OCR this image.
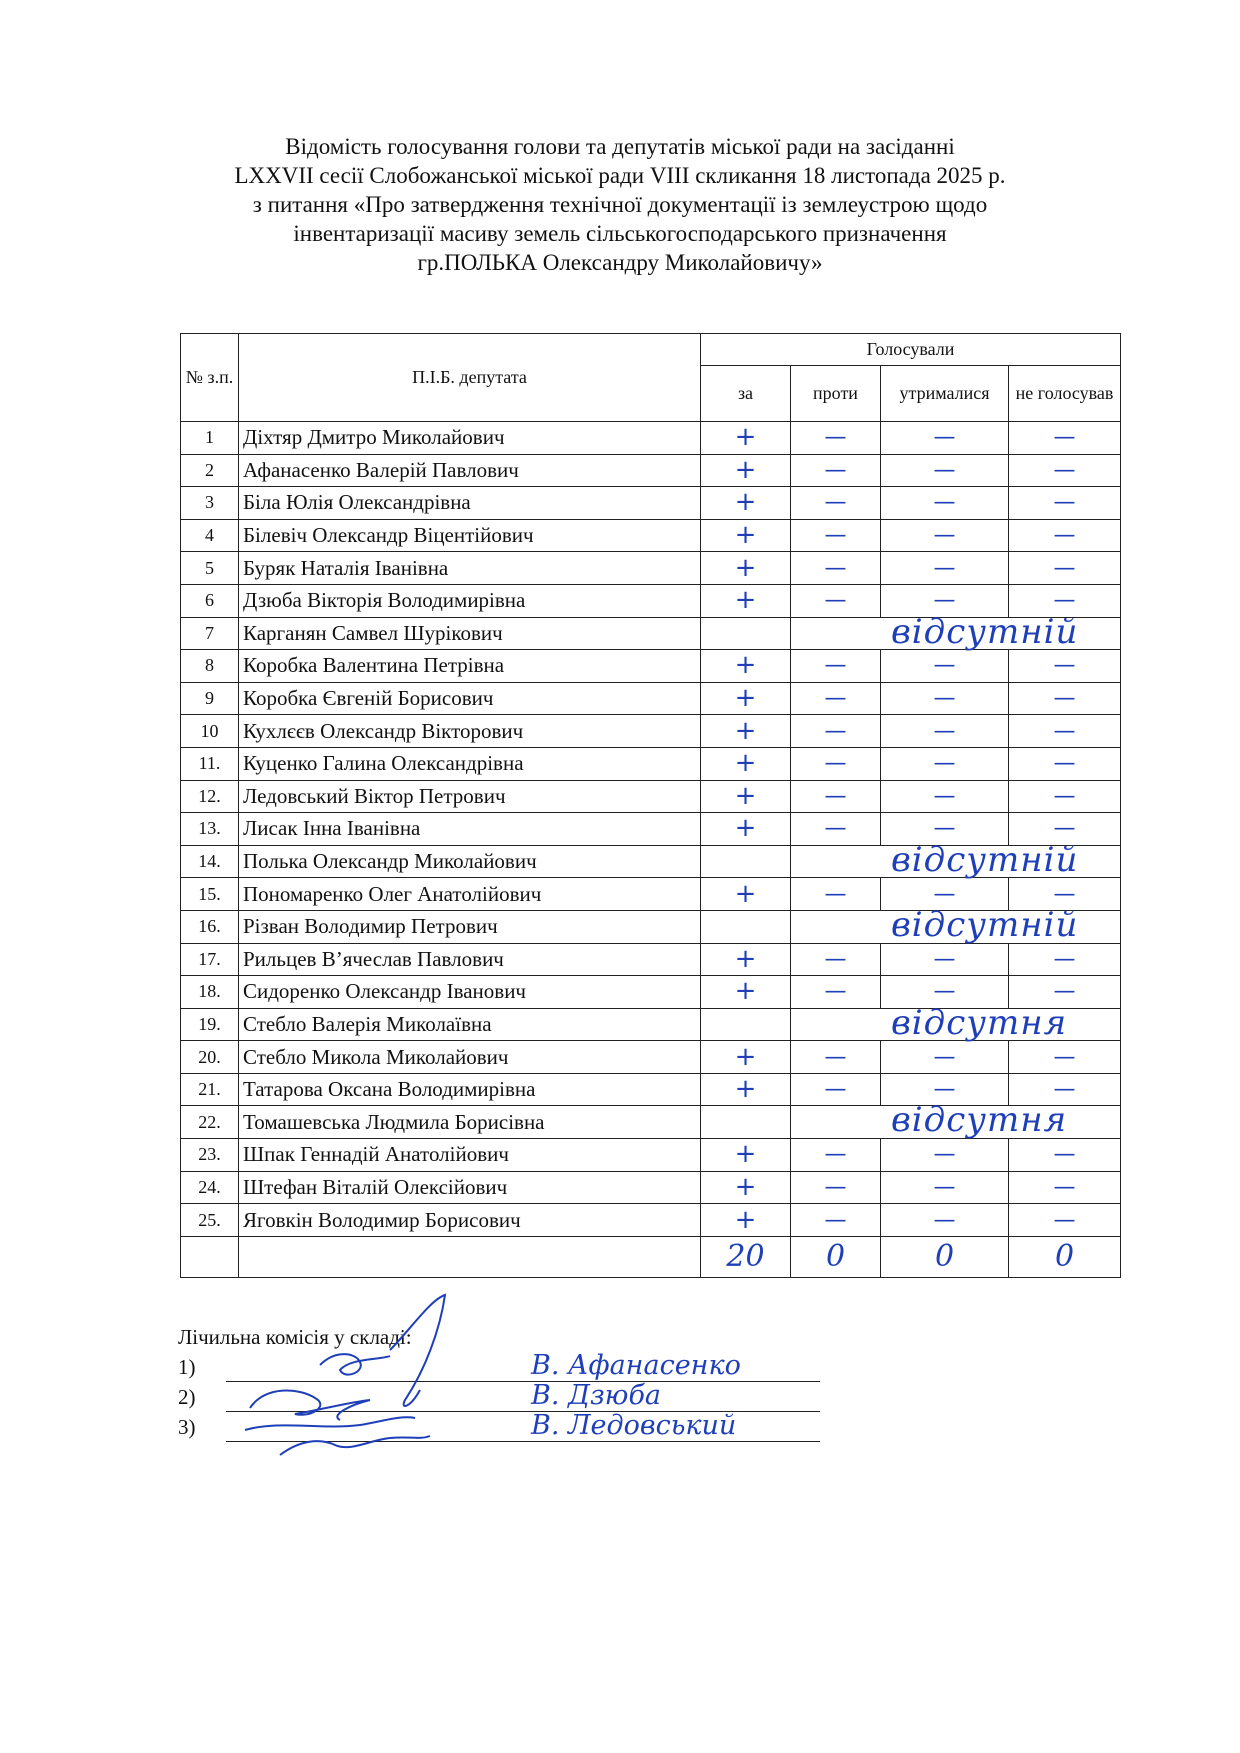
Відомість голосування голови та депутатів міської ради на засіданні
LXXVII сесії Слобожанської міської ради VIII скликання 18 листопада 2025 р.
з питання «Про затвердження технічної документації із землеустрою щодо
інвентаризації масиву земель сільськогосподарського призначення
гр.ПОЛЬКА Олександру Миколайовичу»
№ з.п.	П.І.Б. депутата	Голосували			
		за	проти	утрималися	не голосував
1	Діхтяр Дмитро Миколайович	+	—	—	—
2	Афанасенко Валерій Павлович	+	—	—	—
3	Біла Юлія Олександрівна	+	—	—	—
4	Білевіч Олександр Віцентійович	+	—	—	—
5	Буряк Наталія Іванівна	+	—	—	—
6	Дзюба Вікторія Володимирівна	+	—	—	—
7	Карганян Самвел Шурікович		відсутній		

8	Коробка Валентина Петрівна	+	—	—	—
9	Коробка Євгеній Борисович	+	—	—	—
10	Кухлєєв Олександр Вікторович	+	—	—	—
11.	Куценко Галина Олександрівна	+	—	—	—
12.	Ледовський Віктор Петрович	+	—	—	—
13.	Лисак Інна Іванівна	+	—	—	—
14.	Полька Олександр Миколайович		відсутній		

15.	Пономаренко Олег Анатолійович	+	—	—	—
16.	Різван Володимир Петрович		відсутній		

17.	Рильцев В’ячеслав Павлович	+	—	—	—
18.	Сидоренко Олександр Іванович	+	—	—	—
19.	Стебло Валерія Миколаївна		відсутня		

20.	Стебло Микола Миколайович	+	—	—	—
21.	Татарова Оксана Володимирівна	+	—	—	—
22.	Томашевська Людмила Борисівна		відсутня		

23.	Шпак Геннадій Анатолійович	+	—	—	—
24.	Штефан Віталій Олексійович	+	—	—	—
25.	Яговкін Володимир Борисович	+	—	—	—
		20	0	0	0
Лічильна комісія у складі:
1)	В. Афанасенко
2)	В. Дзюба
3)	В. Ледовський
